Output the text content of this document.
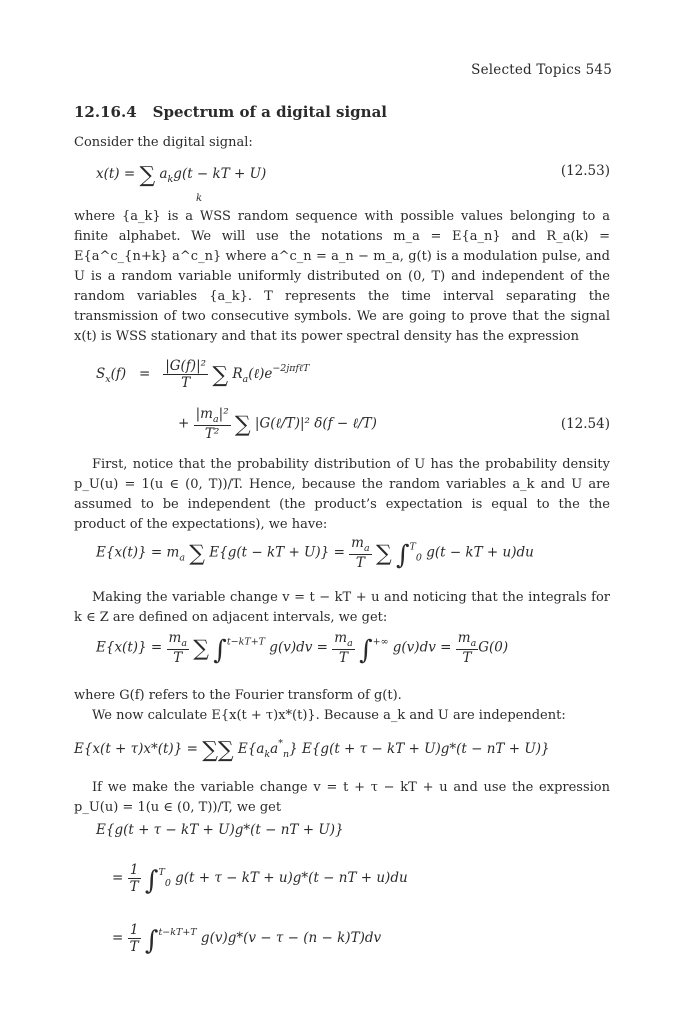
Selected Topics 545
12.16.4 Spectrum of a digital signal
Consider the digital signal:
x(t) = ∑ $a_kg(t$ − kT + U)
k
(12.53)
where {a_k} is a WSS random sequence with possible values belonging to a finite alphabet. We will use the notations m_a = E{a_n} and R_a(k) = E{a^c_{n+k} a^c_n} where a^c_n = a_n − m_a, g(t) is a modulation pulse, and U is a random variable uniformly distributed on (0, T) and independent of the random variables {a_k}. T represents the time interval separating the transmission of two consecutive symbols. We are going to prove that the signal x(t) is WSS stationary and that its power spectral density has the expression
$S_x(f) = \frac{\text{|G(f)|²}}{T}$ ∑ $R_a(\ell)e^{-2j\pi f\ell T}$
+ $\frac{|m_a|^2}{\text{T²}}$ ∑ |G(ℓ/T)|² δ(f − ℓ/T)	(12.54)
First, notice that the probability distribution of U has the probability density p_U(u) = 1(u ∈ (0, T))/T. Hence, because the random variables a_k and U are assumed to be independent (the product’s expectation is equal to the the product of the expectations), we have:
$E\{x(t)\} = m_a$ ∑ E{g(t − kT + $U)\} = \frac{m_a}{T}$ ∑ ∫$^T_0$ g(t − kT + u)du
Making the variable change v = t − kT + u and noticing that the integrals for k ∈ Z are defined on adjacent intervals, we get:
$E\{x(t)\} = \frac{m_a}{T}$ ∑ ∫$^{t-kT+T}$ $g(v)dv = \frac{m_a}{T} \int^{+\infty}$ $g(v)dv = \frac{m_a}{T} G(0)$
where G(f) refers to the Fourier transform of g(t).
We now calculate E{x(t + τ)x*(t)}. Because a_k and U are independent:
E{x(t + τ)x*(t)} = ∑∑ $E\{a_ka^*_n\} E\{g(t + \tau$ − kT + U)g*(t − nT + U)}
If we make the variable change v = t + τ − kT + u and use the expression p_U(u) = 1(u ∈ (0, T))/T, we get
E{g(t + τ − kT + U)g*(t − nT + U)}
= $\frac{1}{T} \int^T_0$ g(t + τ − kT + u)g*(t − nT + u)du
= $\frac{1}{T} \int^{t-kT+T}$ g(v)g*(v − τ − (n − k)T)dv
